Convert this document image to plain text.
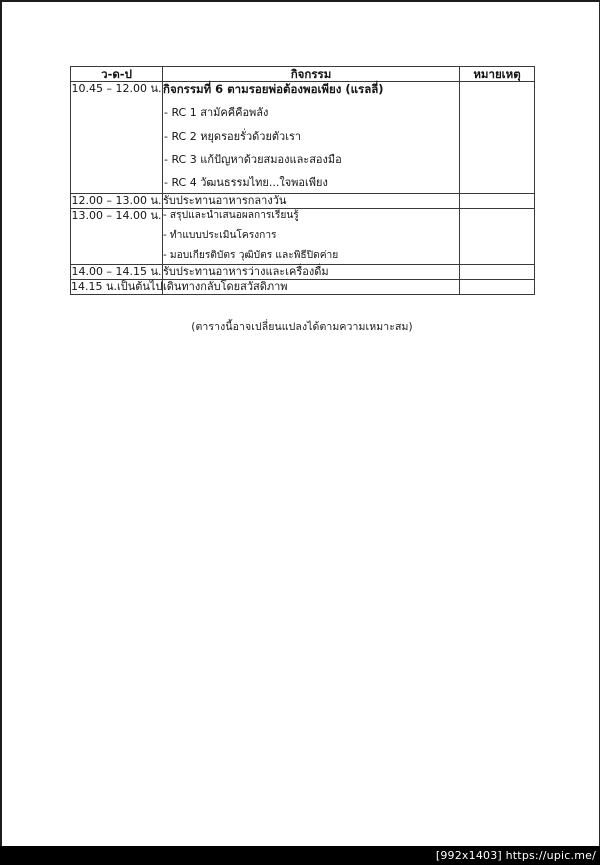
ว-ด-ป	กิจกรรม	หมายเหตุ
10.45 – 12.00 น.	กิจกรรมที่ 6 ตามรอยพ่อต้องพอเพียง (แรลลี่)

- RC 1 สามัคคีคือพลัง

- RC 2 หยุดรอยรั่วด้วยตัวเรา

- RC 3 แก้ปัญหาด้วยสมองและสองมือ

- RC 4 วัฒนธรรมไทย...ใจพอเพียง	

12.00 – 13.00 น.	รับประทานอาหารกลางวัน	

13.00 – 14.00 น.	- สรุปและนำเสนอผลการเรียนรู้

- ทำแบบประเมินโครงการ

- มอบเกียรติบัตร วุฒิบัตร และพิธีปิดค่าย	

14.00 – 14.15 น.	รับประทานอาหารว่างและเครื่องดื่ม	

14.15 น.เป็นต้นไป	เดินทางกลับโดยสวัสดิภาพ	

(ตารางนี้อาจเปลี่ยนแปลงได้ตามความเหมาะสม)
[992x1403] https://upic.me/
